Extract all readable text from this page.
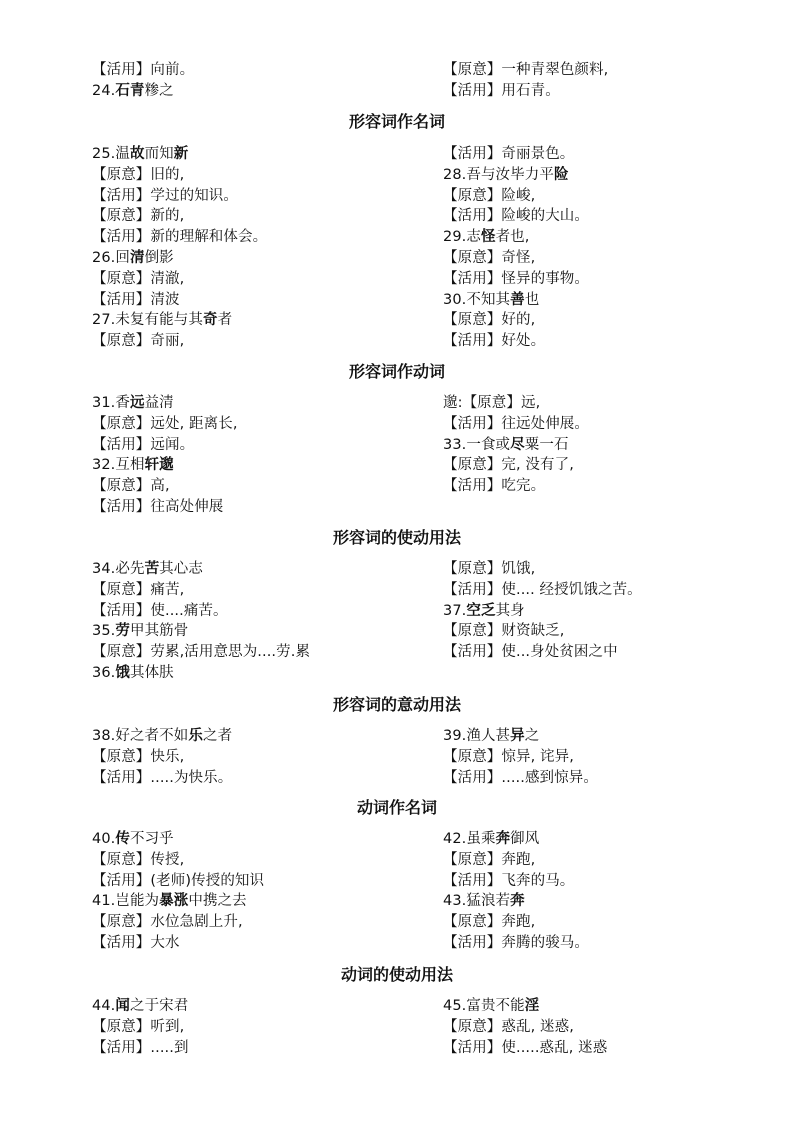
【活用】向前。
24.石青糁之
【原意】一种青翠色颜料,
【活用】用石青。
形容词作名词
25.温故而知新
【原意】旧的,
【活用】学过的知识。
【原意】新的,
【活用】新的理解和体会。
26.回清倒影
【原意】清澈,
【活用】清波
27.未复有能与其奇者
【原意】奇丽,
【活用】奇丽景色。
28.吾与汝毕力平险
【原意】险峻,
【活用】险峻的大山。
29.志怪者也,
【原意】奇怪,
【活用】怪异的事物。
30.不知其善也
【原意】好的,
【活用】好处。
形容词作动词
31.香远益清
【原意】远处, 距离长,
【活用】远闻。
32.互相轩邈
【原意】高,
【活用】往高处伸展
邈:【原意】远,
【活用】往远处伸展。
33.一食或尽粟一石
【原意】完, 没有了,
【活用】吃完。
形容词的使动用法
34.必先苦其心志
【原意】痛苦,
【活用】使....痛苦。
35.劳甲其筋骨
【原意】劳累,活用意思为....劳.累
36.饿其体肤
【原意】饥饿,
【活用】使.... 经授饥饿之苦。
37.空乏其身
【原意】财资缺乏,
【活用】使...身处贫困之中
形容词的意动用法
38.好之者不如乐之者
【原意】快乐,
【活用】.....为快乐。
39.渔人甚异之
【原意】惊异, 诧异,
【活用】.....感到惊异。
动词作名词
40.传不习乎
【原意】传授,
【活用】(老师)传授的知识
41.岂能为暴涨中携之去
【原意】水位急剧上升,
【活用】大水
42.虽乘奔御风
【原意】奔跑,
【活用】飞奔的马。
43.猛浪若奔
【原意】奔跑,
【活用】奔腾的骏马。
动词的使动用法
44.闻之于宋君
【原意】听到,
【活用】.....到
45.富贵不能淫
【原意】惑乱, 迷惑,
【活用】使.....惑乱, 迷惑
